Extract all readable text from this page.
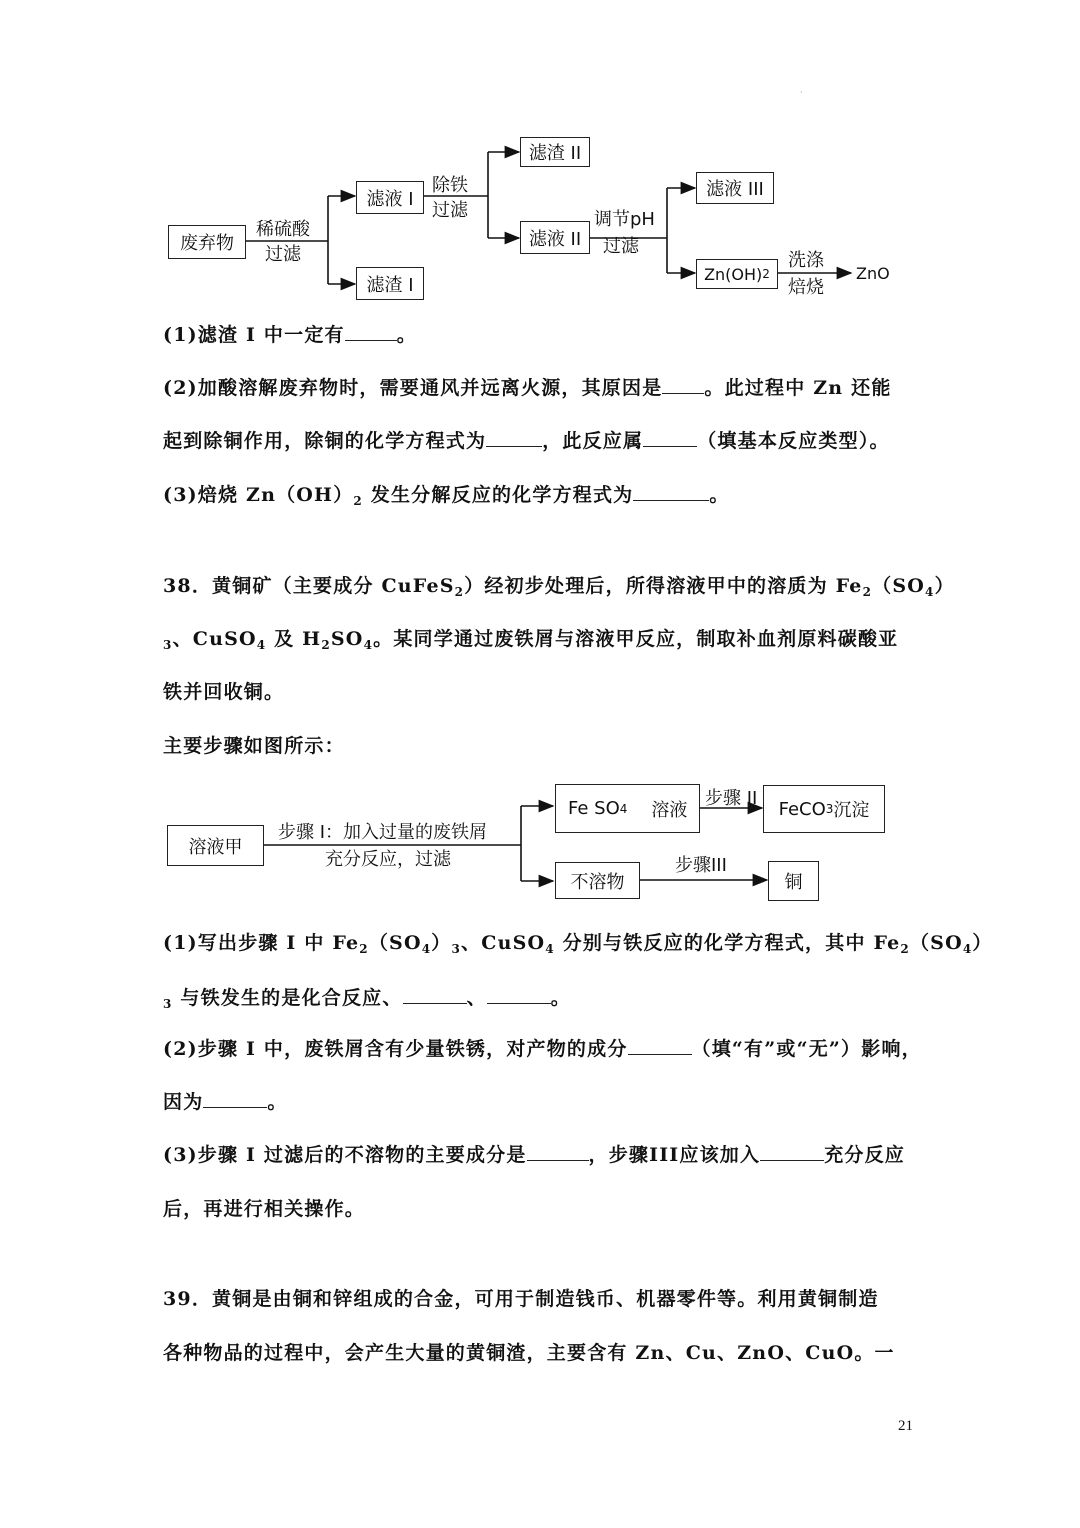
·
废弃物
稀硫酸
过滤
滤液 I
滤渣 I
除铁
过滤
滤渣 II
滤液 II
调节pH
过滤
滤液 III
Zn(OH) 2
洗涤
焙烧
ZnO
(1)滤渣 I 中一定有	。
(2)加酸溶解废弃物时，需要通风并远离火源，其原因是 。此过程中 Zn 还能
起到除铜作用，除铜的化学方程式为	，此反应属	（填基本反应类型）。
(3)焙烧 $Zn(OH)_2$ 发生分解反应的化学方程式为	。
38．黄铜矿（主要成分 CuFeS$_2$）经初步处理后，所得溶液甲中的溶质为 $Fe_2(SO_4)$
$_3$、CuSO$_4$ 及 $H_2SO_4$。某同学通过废铁屑与溶液甲反应，制取补血剂原料碳酸亚
铁并回收铜。
主要步骤如图所示：
溶液甲
步骤 I：加入过量的废铁屑
充分反应，过滤
Fe SO 4 溶液
步骤 II FeCO 3 沉淀
不溶物
步骤III
铜
(1)写出步骤 I 中 $Fe_2(SO_4)_3$、CuSO$_4$ 分别与铁反应的化学方程式，其中 $Fe_2(SO_4)$
$_3$ 与铁发生的是化合反应、	、	。
(2)步骤 I 中，废铁屑含有少量铁锈，对产物的成分	（填“有”或“无”）影响，
因为	。
(3)步骤 I 过滤后的不溶物的主要成分是	，步骤III应该加入	充分反应
后，再进行相关操作。
39．黄铜是由铜和锌组成的合金，可用于制造钱币、机器零件等。利用黄铜制造
各种物品的过程中，会产生大量的黄铜渣，主要含有 Zn、Cu、ZnO、CuO。一
21
